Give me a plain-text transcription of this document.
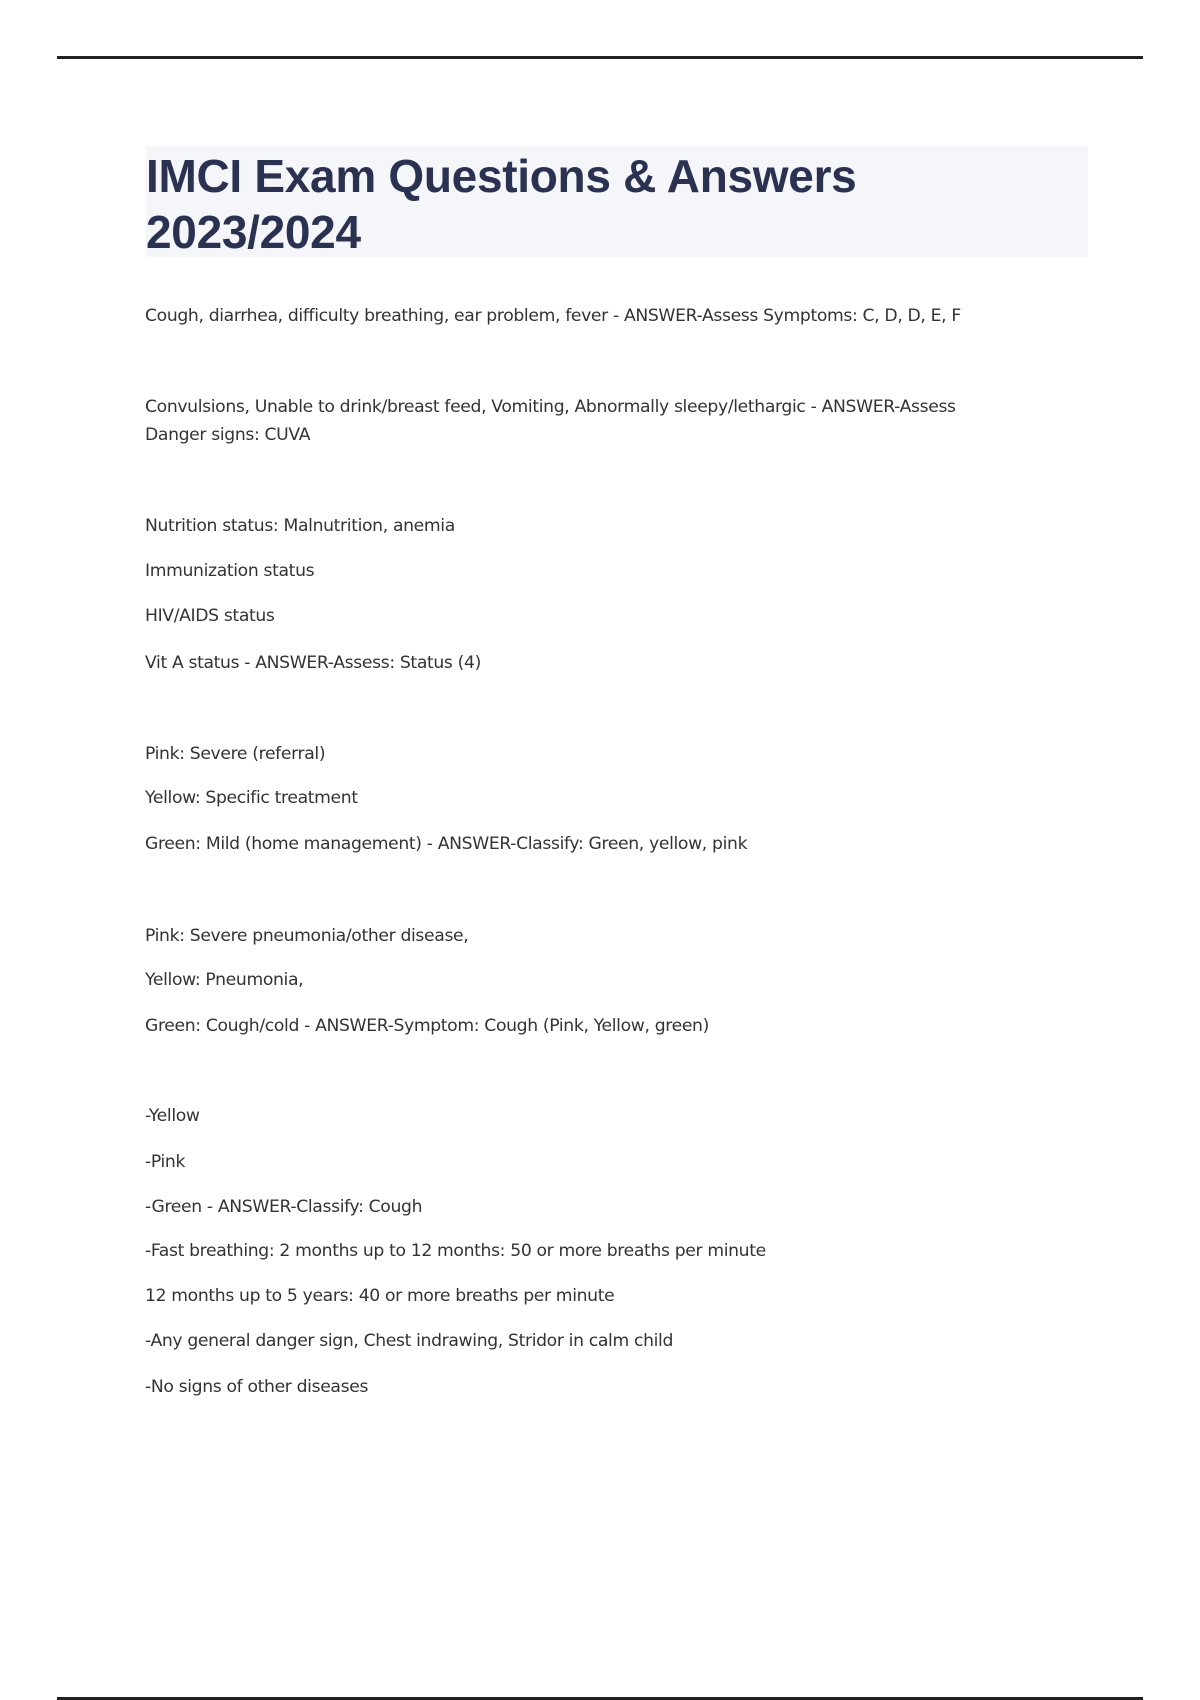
IMCI Exam Questions & Answers
2023/2024
Cough, diarrhea, difficulty breathing, ear problem, fever - ANSWER-Assess Symptoms: C, D, D, E, F
Convulsions, Unable to drink/breast feed, Vomiting, Abnormally sleepy/lethargic - ANSWER-Assess
Danger signs: CUVA
Nutrition status: Malnutrition, anemia
Immunization status
HIV/AIDS status
Vit A status - ANSWER-Assess: Status (4)
Pink: Severe (referral)
Yellow: Specific treatment
Green: Mild (home management) - ANSWER-Classify: Green, yellow, pink
Pink: Severe pneumonia/other disease,
Yellow: Pneumonia,
Green: Cough/cold - ANSWER-Symptom: Cough (Pink, Yellow, green)
-Yellow
-Pink
-Green - ANSWER-Classify: Cough
-Fast breathing: 2 months up to 12 months: 50 or more breaths per minute
12 months up to 5 years: 40 or more breaths per minute
-Any general danger sign, Chest indrawing, Stridor in calm child
-No signs of other diseases
